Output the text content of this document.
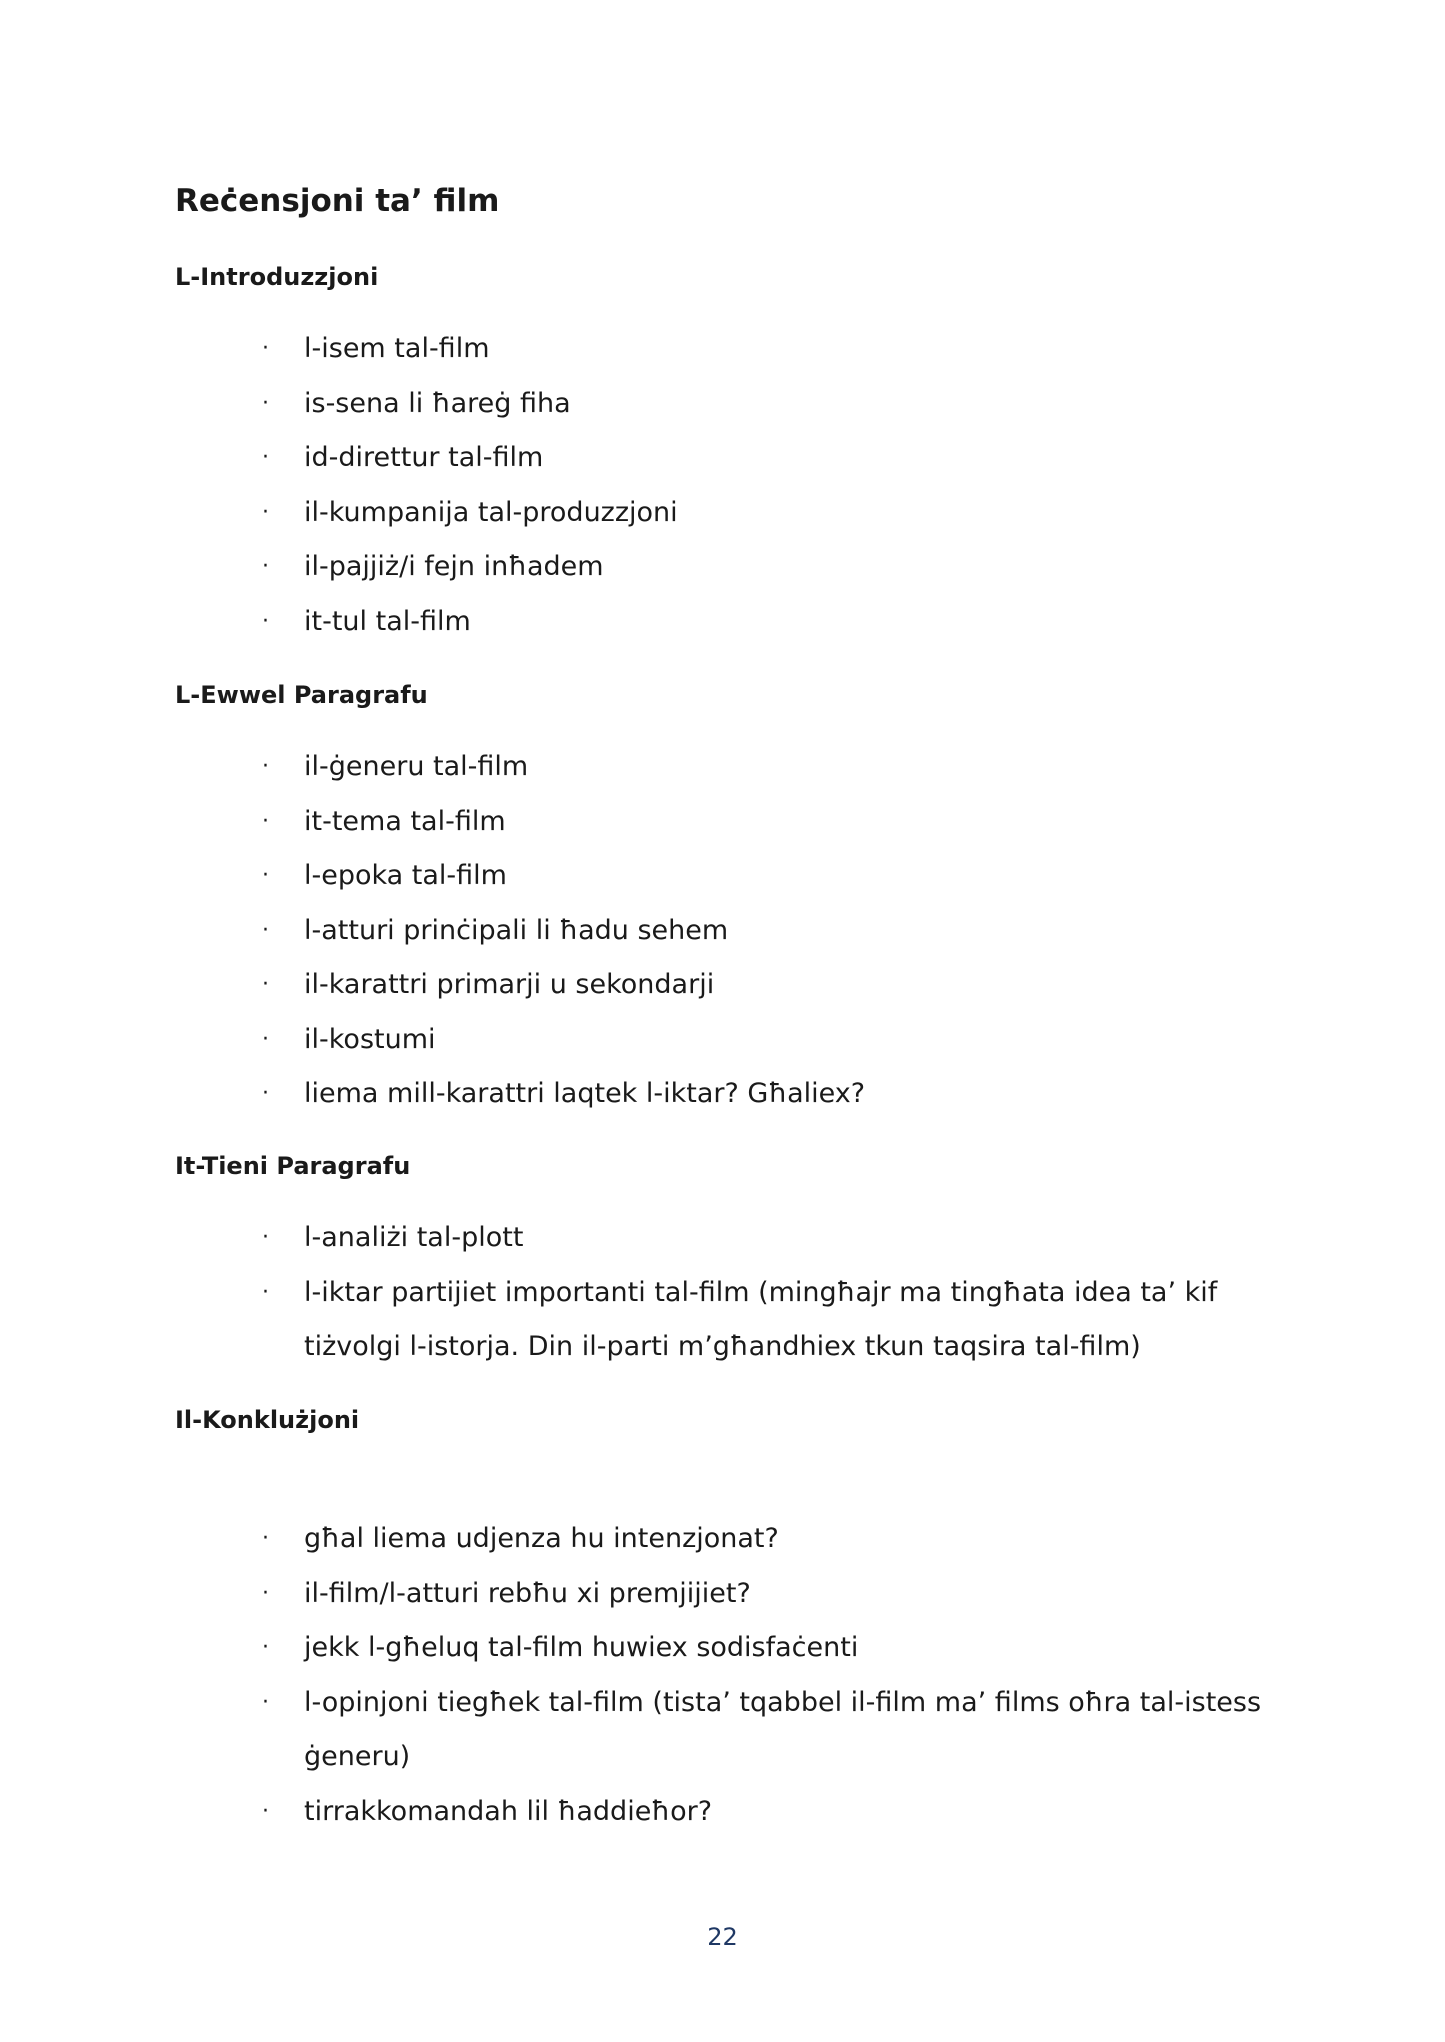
Reċensjoni ta’ film
L-Introduzzjoni
· l-isem tal-film
· is-sena li ħareġ fiha
· id-direttur tal-film
· il-kumpanija tal-produzzjoni
· il-pajjiż/i fejn inħadem
· it-tul tal-film
L-Ewwel Paragrafu
· il-ġeneru tal-film
· it-tema tal-film
· l-epoka tal-film
· l-atturi prinċipali li ħadu sehem
· il-karattri primarji u sekondarji
· il-kostumi
· liema mill-karattri laqtek l-iktar? Għaliex?
It-Tieni Paragrafu
· l-analiżi tal-plott
· l-iktar partijiet importanti tal-film (mingħajr ma tingħata idea ta’ kif tiżvolgi l-istorja. Din il-parti m’għandhiex tkun taqsira tal-film)
Il-Konklużjoni
· għal liema udjenza hu intenzjonat?
· il-film/l-atturi rebħu xi premjijiet?
· jekk l-għeluq tal-film huwiex sodisfaċenti
· l-opinjoni tiegħek tal-film (tista’ tqabbel il-film ma’ films oħra tal-istess ġeneru)
· tirrakkomandah lil ħaddieħor?
22
